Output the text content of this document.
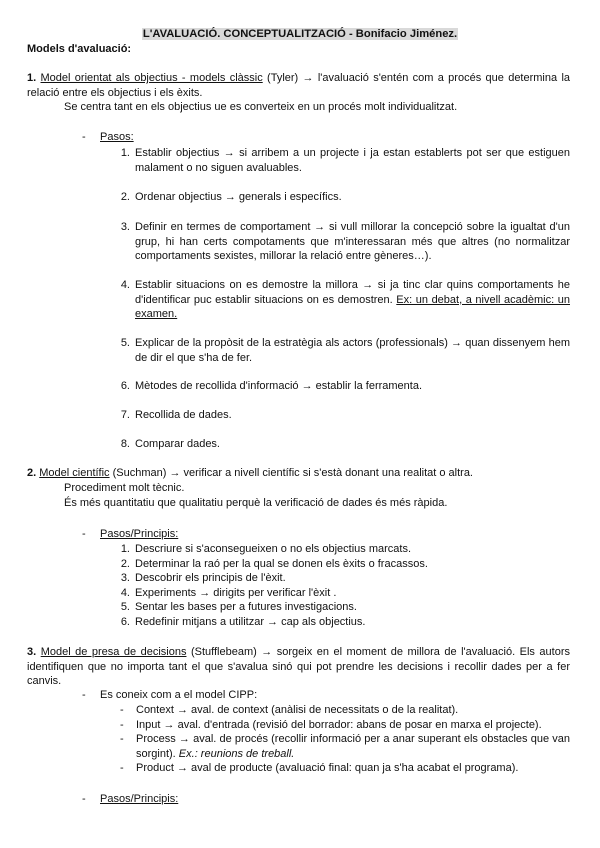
L'AVALUACIÓ. CONCEPTUALITZACIÓ - Bonifacio Jiménez.
Models d'avaluació:
1. Model orientat als objectius - models clàssic (Tyler) → l'avaluació s'entén com a procés que determina la relació entre els objectius i els èxits.
Se centra tant en els objectius ue es converteix en un procés molt individualitzat.
- Pasos:
1. Establir objectius → si arribem a un projecte i ja estan establerts pot ser que estiguen malament o no siguen avaluables.
2. Ordenar objectius → generals i específics.
3. Definir en termes de comportament → si vull millorar la concepció sobre la igualtat d'un grup, hi han certs compotaments que m'interessaran més que altres (no normalitzar comportaments sexistes, millorar la relació entre gèneres…).
4. Establir situacions on es demostre la millora → si ja tinc clar quins comportaments he d'identificar puc establir situacions on es demostren. Ex: un debat, a nivell acadèmic: un examen.
5. Explicar de la propòsit de la estratègia als actors (professionals) → quan dissenyem hem de dir el que s'ha de fer.
6. Mètodes de recollida d'informació → establir la ferramenta.
7. Recollida de dades.
8. Comparar dades.
2. Model científic (Suchman) → verificar a nivell científic si s'està donant una realitat o altra.
Procediment molt tècnic.
És més quantitatiu que qualitatiu perquè la verificació de dades és més ràpida.
- Pasos/Principis:
1. Descriure si s'aconsegueixen o no els objectius marcats.
2. Determinar la raó per la qual se donen els èxits o fracassos.
3. Descobrir els principis de l'èxit.
4. Experiments → dirigits per verificar l'èxit .
5. Sentar les bases per a futures investigacions.
6. Redefinir mitjans a utilitzar → cap als objectius.
3. Model de presa de decisions (Stufflebeam) → sorgeix en el moment de millora de l'avaluació. Els autors identifiquen que no importa tant el que s'avalua sinó qui pot prendre les decisions i recollir dades per a fer canvis.
- Es coneix com a el model CIPP:
- Context → aval. de context (anàlisi de necessitats o de la realitat).
- Input → aval. d'entrada (revisió del borrador: abans de posar en marxa el projecte).
- Process → aval. de procés (recollir informació per a anar superant els obstacles que van sorgint). Ex.: reunions de treball.
- Product → aval de producte (avaluació final: quan ja s'ha acabat el programa).
- Pasos/Principis:
